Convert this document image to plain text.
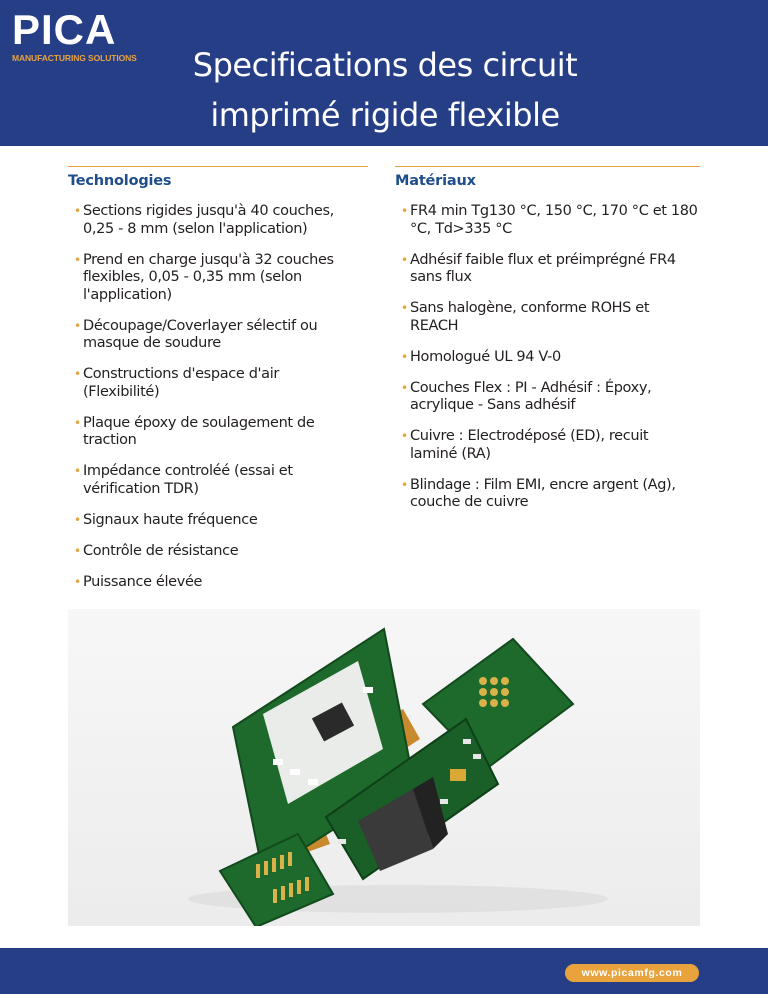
PICA
MANUFACTURING SOLUTIONS	Specifications des circuit
imprimé rigide flexible
Technologies
• Sections rigides jusqu'à 40 couches,
0,25 - 8 mm (selon l'application)
• Prend en charge jusqu'à 32 couches
flexibles, 0,05 - 0,35 mm (selon
l'application)
• Découpage/Coverlayer sélectif ou
masque de soudure
• Constructions d'espace d'air
(Flexibilité)
• Plaque époxy de soulagement de
traction
• Impédance controléé (essai et
vérification TDR)
• Signaux haute fréquence
• Contrôle de résistance
• Puissance élevée
Matériaux
• FR4 min Tg130 °C, 150 °C, 170 °C et 180
°C, Td>335 °C
• Adhésif faible flux et préimprégné FR4
sans flux
• Sans halogène, conforme ROHS et
REACH
• Homologué UL 94 V-0
• Couches Flex : PI - Adhésif : Époxy,
acrylique - Sans adhésif
• Cuivre : Electrodéposé (ED), recuit
laminé (RA)
• Blindage : Film EMI, encre argent (Ag),
couche de cuivre
www.picamfg.com
